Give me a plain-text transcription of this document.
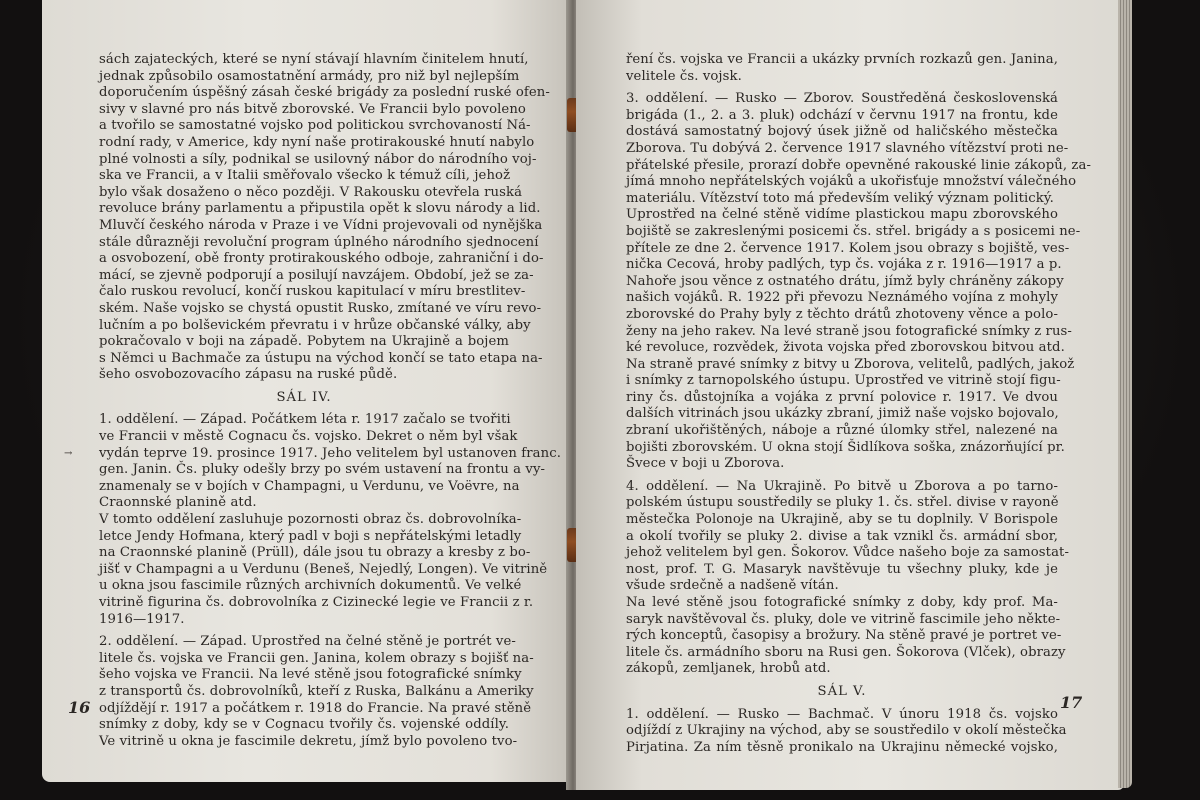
sách zajateckých, které se nyní stávají hlavním činitelem hnutí,
jednak způsobilo osamostatnění armády, pro niž byl nejlepším
doporučením úspěšný zásah české brigády za poslední ruské ofen-
sivy v slavné pro nás bitvě zborovské. Ve Francii bylo povoleno
a tvořilo se samostatné vojsko pod politickou svrchovaností Ná-
rodní rady, v Americe, kdy nyní naše protirakouské hnutí nabylo
plné volnosti a síly, podnikal se usilovný nábor do národního voj-
ska ve Francii, a v Italii směřovalo všecko k témuž cíli, jehož
bylo však dosaženo o něco později. V Rakousku otevřela ruská
revoluce brány parlamentu a připustila opět k slovu národy a lid.
Mluvčí českého národa v Praze i ve Vídni projevovali od nynějška
stále důrazněji revoluční program úplného národního sjednocení
a osvobození, obě fronty protirakouského odboje, zahraniční i do-
mácí, se zjevně podporují a posilují navzájem. Období, jež se za-
čalo ruskou revolucí, končí ruskou kapitulací v míru brestlitev-
ském. Naše vojsko se chystá opustit Rusko, zmítané ve víru revo-
lučním a po bolševickém převratu i v hrůze občanské války, aby
pokračovalo v boji na západě. Pobytem na Ukrajině a bojem
s Němci u Bachmače za ústupu na východ končí se tato etapa na-
šeho osvobozovacího zápasu na ruské půdě.
SÁL IV.
1. oddělení. — Západ. Počátkem léta r. 1917 začalo se tvořiti
ve Francii v městě Cognacu čs. vojsko. Dekret o něm byl však
vydán teprve 19. prosince 1917. Jeho velitelem byl ustanoven franc.
gen. Janin. Čs. pluky odešly brzy po svém ustavení na frontu a vy-
znamenaly se v bojích v Champagni, u Verdunu, ve Voëvre, na
Craonnské planině atd.
V tomto oddělení zasluhuje pozornosti obraz čs. dobrovolníka-
letce Jendy Hofmana, který padl v boji s nepřátelskými letadly
na Craonnské planině (Prüll), dále jsou tu obrazy a kresby z bo-
jišť v Champagni a u Verdunu (Beneš, Nejedlý, Longen). Ve vitrině
u okna jsou fascimile různých archivních dokumentů. Ve velké
vitrině figurina čs. dobrovolníka z Cizinecké legie ve Francii z r.
1916—1917.
2. oddělení. — Západ. Uprostřed na čelné stěně je portrét ve-
litele čs. vojska ve Francii gen. Janina, kolem obrazy s bojišť na-
šeho vojska ve Francii. Na levé stěně jsou fotografické snímky
z transportů čs. dobrovolníků, kteří z Ruska, Balkánu a Ameriky
odjíždějí r. 1917 a počátkem r. 1918 do Francie. Na pravé stěně
snímky z doby, kdy se v Cognacu tvořily čs. vojenské oddíly.
Ve vitrině u okna je fascimile dekretu, jímž bylo povoleno tvo-
→
16
ření čs. vojska ve Francii a ukázky prvních rozkazů gen. Janina,
velitele čs. vojsk.
3. oddělení. — Rusko — Zborov. Soustředěná československá
brigáda (1., 2. a 3. pluk) odchází v červnu 1917 na frontu, kde
dostává samostatný bojový úsek jižně od haličského městečka
Zborova. Tu dobývá 2. července 1917 slavného vítězství proti ne-
přátelské přesile, prorazí dobře opevněné rakouské linie zákopů, za-
jímá mnoho nepřátelských vojáků a ukořisťuje množství válečného
materiálu. Vítězství toto má především veliký význam politický.
Uprostřed na čelné stěně vidíme plastickou mapu zborovského
bojiště se zakreslenými posicemi čs. střel. brigády a s posicemi ne-
přítele ze dne 2. července 1917. Kolem jsou obrazy s bojiště, ves-
nička Cecová, hroby padlých, typ čs. vojáka z r. 1916—1917 a p.
Nahoře jsou věnce z ostnatého drátu, jímž byly chráněny zákopy
našich vojáků. R. 1922 při převozu Neznámého vojína z mohyly
zborovské do Prahy byly z těchto drátů zhotoveny věnce a polo-
ženy na jeho rakev. Na levé straně jsou fotografické snímky z rus-
ké revoluce, rozvědek, života vojska před zborovskou bitvou atd.
Na straně pravé snímky z bitvy u Zborova, velitelů, padlých, jakož
i snímky z tarnopolského ústupu. Uprostřed ve vitrině stojí figu-
riny čs. důstojníka a vojáka z první polovice r. 1917. Ve dvou
dalších vitrinách jsou ukázky zbraní, jimiž naše vojsko bojovalo,
zbraní ukořištěných, náboje a různé úlomky střel, nalezené na
bojišti zborovském. U okna stojí Šidlíkova soška, znázorňující pr.
Švece v boji u Zborova.
4. oddělení. — Na Ukrajině. Po bitvě u Zborova a po tarno-
polském ústupu soustředily se pluky 1. čs. střel. divise v rayoně
městečka Polonoje na Ukrajině, aby se tu doplnily. V Borispole
a okolí tvořily se pluky 2. divise a tak vznikl čs. armádní sbor,
jehož velitelem byl gen. Šokorov. Vůdce našeho boje za samostat-
nost, prof. T. G. Masaryk navštěvuje tu všechny pluky, kde je
všude srdečně a nadšeně vítán.
Na levé stěně jsou fotografické snímky z doby, kdy prof. Ma-
saryk navštěvoval čs. pluky, dole ve vitrině fascimile jeho někte-
rých konceptů, časopisy a brožury. Na stěně pravé je portret ve-
litele čs. armádního sboru na Rusi gen. Šokorova (Vlček), obrazy
zákopů, zemljanek, hrobů atd.
SÁL V.
1. oddělení. — Rusko — Bachmač. V únoru 1918 čs. vojsko
odjíždí z Ukrajiny na východ, aby se soustředilo v okolí městečka
Pirjatina. Za ním těsně pronikalo na Ukrajinu německé vojsko,
17
